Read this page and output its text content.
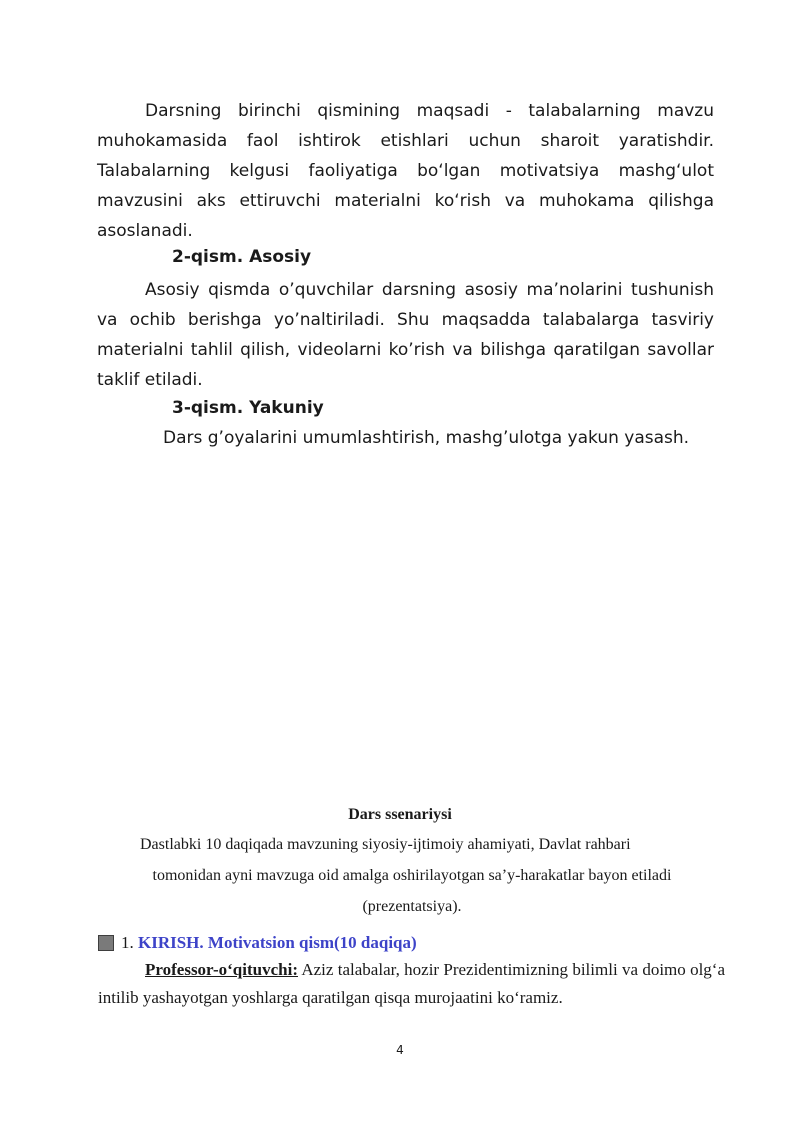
Darsning birinchi qismining maqsadi - talabalarning mavzu muhokamasida faol ishtirok etishlari uchun sharoit yaratishdir. Talabalarning kelgusi faoliyatiga bo‘lgan motivatsiya mashg‘ulot mavzusini aks ettiruvchi materialni ko‘rish va muhokama qilishga asoslanadi.

2-qism. Asosiy

Asosiy qismda o’quvchilar darsning asosiy ma’nolarini tushunish va ochib berishga yo’naltiriladi. Shu maqsadda talabalarga tasviriy materialni tahlil qilish, videolarni ko’rish va bilishga qaratilgan savollar taklif etiladi.

3-qism. Yakuniy

Dars g’oyalarini umumlashtirish, mashg’ulotga yakun yasash.

Dars ssenariysi
Dastlabki 10 daqiqada mavzuning siyosiy-ijtimoiy ahamiyati, Davlat rahbari
tomonidan ayni mavzuga oid amalga oshirilayotgan sa’y-harakatlar bayon etiladi
(prezentatsiya).
1.
KIRISH. Motivatsion qism(10 daqiqa)

Professor-o‘qituvchi: Aziz talabalar, hozir Prezidentimizning bilimli va doimo olg‘a intilib yashayotgan yoshlarga qaratilgan qisqa murojaatini ko‘ramiz.

4
